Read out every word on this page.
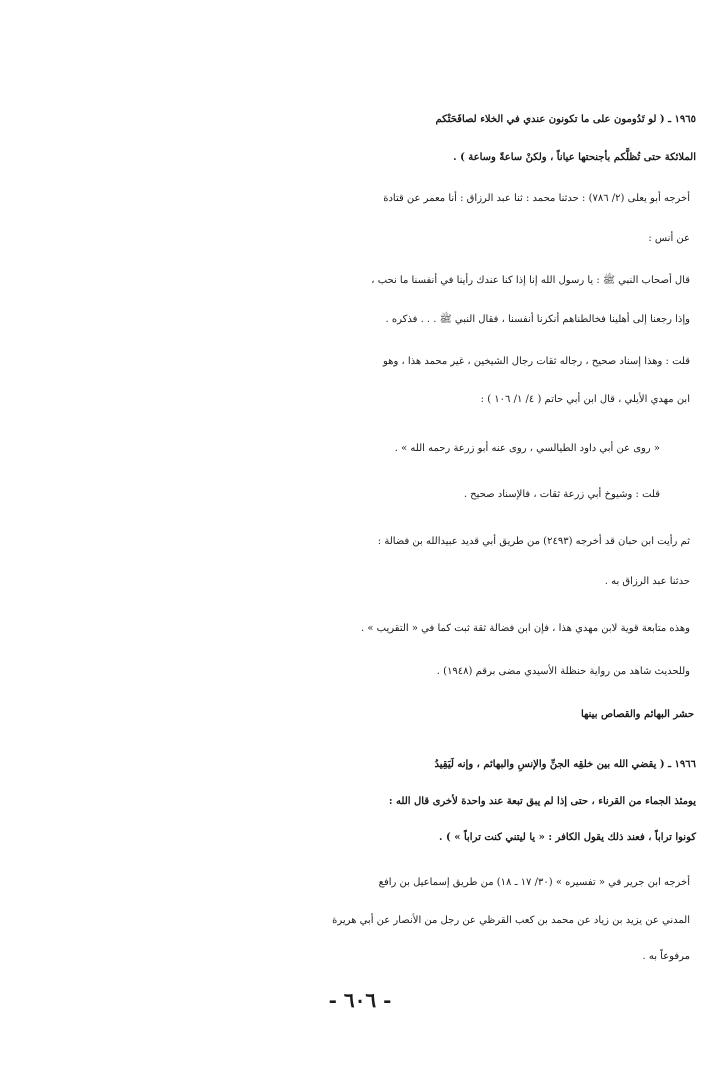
١٩٦٥ ـ ( لو تَدُومون على ما تكونون عندي في الخلاء لصافَحَتْكم
الملائكة حتى تُظلَّكم بأجنحتها عياناً ، ولكنْ ساعةً وساعة ) .
أخرجه أبو يعلى (٢/ ٧٨٦) : حدثنا محمد : ثنا عبد الرزاق : أنا معمر عن قتادة
عن أنس :
قال أصحاب النبي ﷺ : يا رسول الله إنا إذا كنا عندك رأينا في أنفسنا ما نحب ،
وإذا رجعنا إلى أهلينا فخالطناهم أنكرنا أنفسنا ، فقال النبي ﷺ . . . فذكره .
قلت : وهذا إسناد صحيح ، رجاله ثقات رجال الشيخين ، غير محمد هذا ، وهو
ابن مهدي الأيلي ، قال ابن أبي حاتم ( ٤/ ١/ ١٠٦ ) :
« روى عن أبي داود الطيالسي ، روى عنه أبو زرعة رحمه الله » .
قلت : وشيوخ أبي زرعة ثقات ، فالإسناد صحيح .
ثم رأيت ابن حبان قد أخرجه (٢٤٩٣) من طريق أبي قديد عبيدالله بن فضالة :
حدثنا عبد الرزاق به .
وهذه متابعة قوية لابن مهدي هذا ، فإن ابن فضالة ثقة ثبت كما في « التقريب » .
وللحديث شاهد من رواية حنظلة الأسيدي مضى برقم (١٩٤٨) .
حشر البهائم والقصاص بينها
١٩٦٦ ـ ( يقضي الله بين خلقِه الجنِّ والإنسِ والبهائم ، وإنه لَيَقِيدُ
يومئذ الجماء من القرناء ، حتى إذا لم يبق تبعة عند واحدة لأخرى قال الله :
كونوا تراباً ، فعند ذلك يقول الكافر : « يا ليتني كنت تراباً » ) .
أخرجه ابن جرير في « تفسيره » (٣٠/ ١٧ ـ ١٨) من طريق إسماعيل بن رافع
المدني عن يزيد بن زياد عن محمد بن كعب القرظي عن رجل من الأنصار عن أبي هريرة
مرفوعاً به .
- ٦٠٦ -
